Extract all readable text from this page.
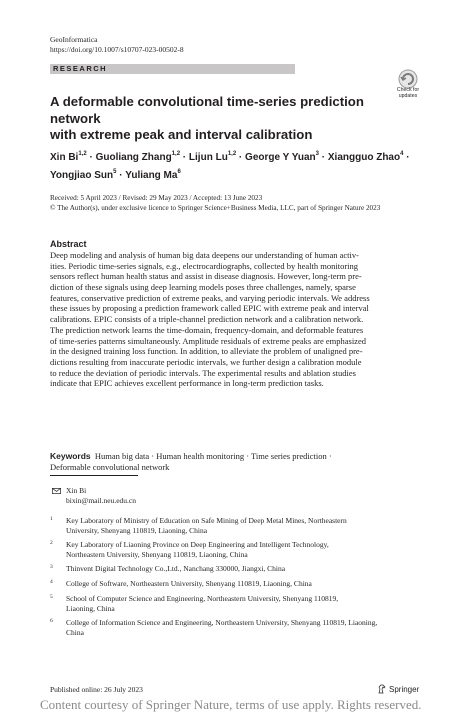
GeoInformatica
https://doi.org/10.1007/s10707-023-00502-8
RESEARCH
Check for
updates
A deformable convolutional time-series prediction network
with extreme peak and interval calibration
Xin Bi$^{1,2}$ · Guoliang Zhang$^{1,2}$ · Lijun Lu$^{1,2}$ · George Y Yuan$^3$ · Xiangguo Zhao$^4$ ·
Yongjiao Sun$^5$ · Yuliang Ma$^6$
Received: 5 April 2023 / Revised: 29 May 2023 / Accepted: 13 June 2023
© The Author(s), under exclusive licence to Springer Science+Business Media, LLC, part of Springer Nature 2023
Abstract
Deep modeling and analysis of human big data deepens our understanding of human activ-
ities. Periodic time-series signals, e.g., electrocardiographs, collected by health monitoring
sensors reflect human health status and assist in disease diagnosis. However, long-term pre-
diction of these signals using deep learning models poses three challenges, namely, sparse
features, conservative prediction of extreme peaks, and varying periodic intervals. We address
these issues by proposing a prediction framework called EPIC with extreme peak and interval
calibrations. EPIC consists of a triple-channel prediction network and a calibration network.
The prediction network learns the time-domain, frequency-domain, and deformable features
of time-series patterns simultaneously. Amplitude residuals of extreme peaks are emphasized
in the designed training loss function. In addition, to alleviate the problem of unaligned pre-
dictions resulting from inaccurate periodic intervals, we further design a calibration module
to reduce the deviation of periodic intervals. The experimental results and ablation studies
indicate that EPIC achieves excellent performance in long-term prediction tasks.
Keywords Human big data · Human health monitoring · Time series prediction ·
Deformable convolutional network
Xin Bi
bixin@mail.neu.edu.cn
1 Key Laboratory of Ministry of Education on Safe Mining of Deep Metal Mines, Northeastern
University, Shenyang 110819, Liaoning, China
2 Key Laboratory of Liaoning Province on Deep Engineering and Intelligent Technology,
Northeastern University, Shenyang 110819, Liaoning, China
3 Thinvent Digital Technology Co.,Ltd., Nanchang 330000, Jiangxi, China
4 College of Software, Northeastern University, Shenyang 110819, Liaoning, China
5 School of Computer Science and Engineering, Northeastern University, Shenyang 110819,
Liaoning, China
6 College of Information Science and Engineering, Northeastern University, Shenyang 110819, Liaoning,
China
Published online: 26 July 2023	Springer
Content courtesy of Springer Nature, terms of use apply. Rights reserved.
